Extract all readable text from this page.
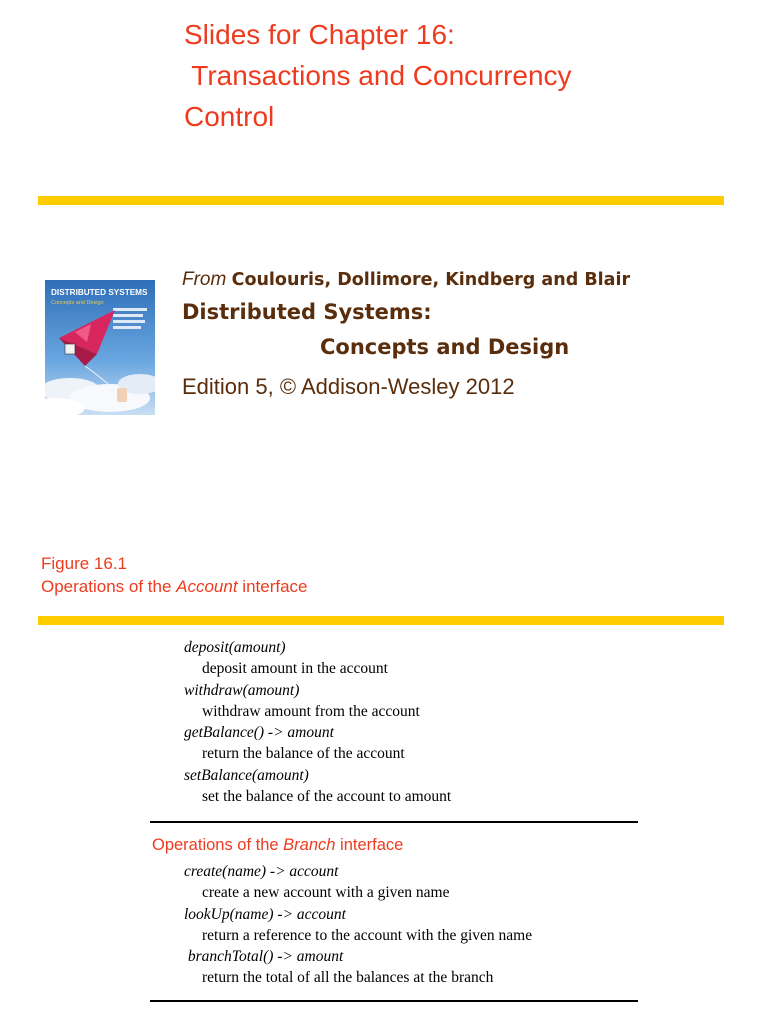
Slides for Chapter 16:
Transactions and Concurrency
Control
DISTRIBUTED SYSTEMS
Concepts and Design
From Coulouris, Dollimore, Kindberg and Blair
Distributed Systems:
Concepts and Design
Edition 5, © Addison-Wesley 2012
Figure 16.1
Operations of the Account interface
deposit(amount)
deposit amount in the account
withdraw(amount)
withdraw amount from the account
getBalance() -> amount
return the balance of the account
setBalance(amount)
set the balance of the account to amount
Operations of the Branch interface
create(name) -> account
create a new account with a given name
lookUp(name) -> account
return a reference to the account with the given name
branchTotal() -> amount
return the total of all the balances at the branch
